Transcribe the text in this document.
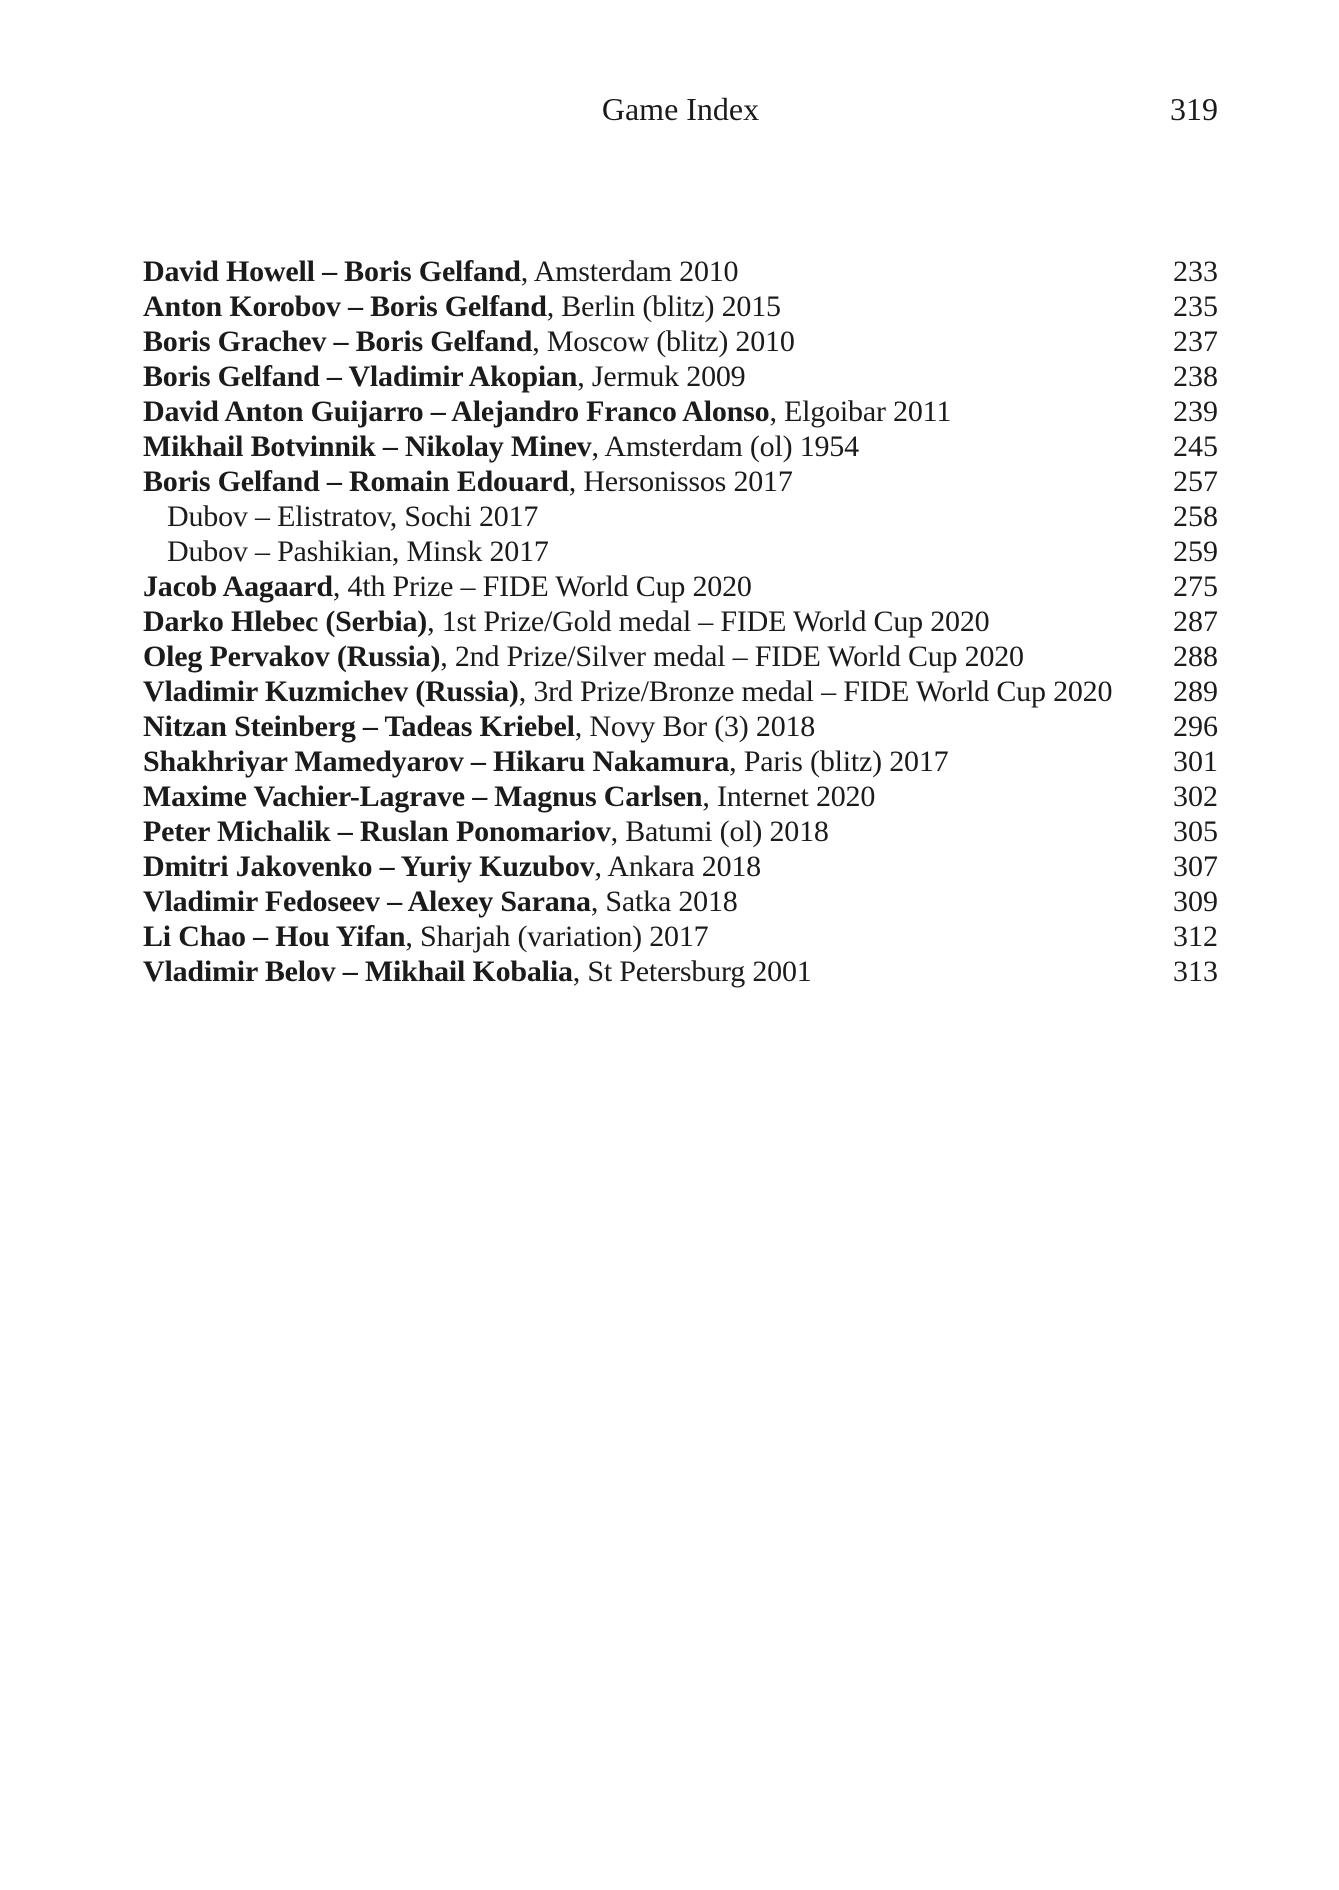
Game Index	319
David Howell – Boris Gelfand, Amsterdam 2010	233
Anton Korobov – Boris Gelfand, Berlin (blitz) 2015	235
Boris Grachev – Boris Gelfand, Moscow (blitz) 2010	237
Boris Gelfand – Vladimir Akopian, Jermuk 2009	238
David Anton Guijarro – Alejandro Franco Alonso, Elgoibar 2011	239
Mikhail Botvinnik – Nikolay Minev, Amsterdam (ol) 1954	245
Boris Gelfand – Romain Edouard, Hersonissos 2017	257
Dubov – Elistratov, Sochi 2017	258
Dubov – Pashikian, Minsk 2017	259
Jacob Aagaard, 4th Prize – FIDE World Cup 2020	275
Darko Hlebec (Serbia), 1st Prize/Gold medal – FIDE World Cup 2020	287
Oleg Pervakov (Russia), 2nd Prize/Silver medal – FIDE World Cup 2020	288
Vladimir Kuzmichev (Russia), 3rd Prize/Bronze medal – FIDE World Cup 2020	289
Nitzan Steinberg – Tadeas Kriebel, Novy Bor (3) 2018	296
Shakhriyar Mamedyarov – Hikaru Nakamura, Paris (blitz) 2017	301
Maxime Vachier-Lagrave – Magnus Carlsen, Internet 2020	302
Peter Michalik – Ruslan Ponomariov, Batumi (ol) 2018	305
Dmitri Jakovenko – Yuriy Kuzubov, Ankara 2018	307
Vladimir Fedoseev – Alexey Sarana, Satka 2018	309
Li Chao – Hou Yifan, Sharjah (variation) 2017	312
Vladimir Belov – Mikhail Kobalia, St Petersburg 2001	313
